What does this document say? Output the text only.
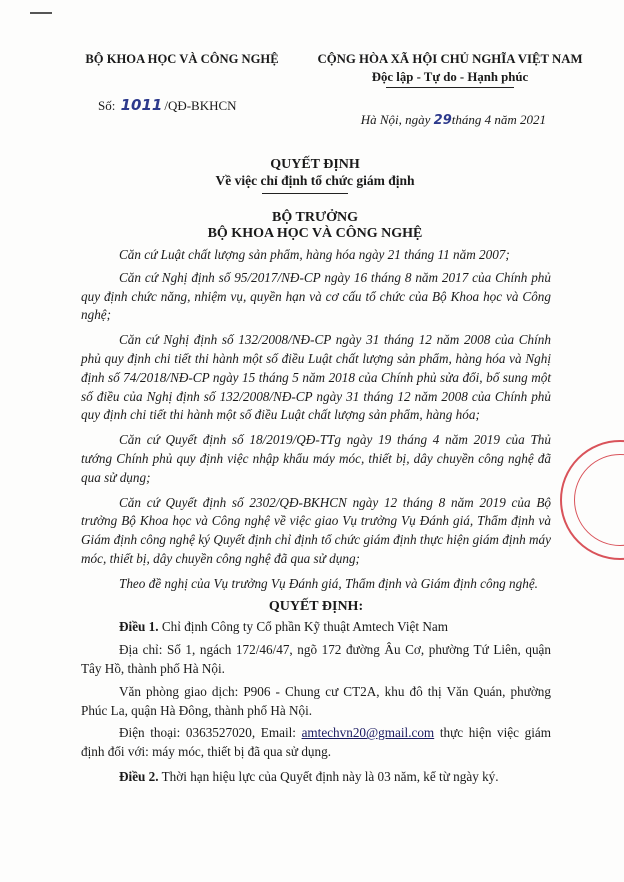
BỘ KHOA HỌC VÀ CÔNG NGHỆ	CỘNG HÒA XÃ HỘI CHỦ NGHĨA VIỆT NAM
Độc lập - Tự do - Hạnh phúc
Số: 1011 /QĐ-BKHCN
Hà Nội, ngày 29tháng 4 năm 2021
QUYẾT ĐỊNH
Về việc chỉ định tổ chức giám định
BỘ TRƯỞNG
BỘ KHOA HỌC VÀ CÔNG NGHỆ

Căn cứ Luật chất lượng sản phẩm, hàng hóa ngày 21 tháng 11 năm 2007;

Căn cứ Nghị định số 95/2017/NĐ-CP ngày 16 tháng 8 năm 2017 của Chính phủ quy định chức năng, nhiệm vụ, quyền hạn và cơ cấu tổ chức của Bộ Khoa học và Công nghệ;

Căn cứ Nghị định số 132/2008/NĐ-CP ngày 31 tháng 12 năm 2008 của Chính phủ quy định chi tiết thi hành một số điều Luật chất lượng sản phẩm, hàng hóa và Nghị định số 74/2018/NĐ-CP ngày 15 tháng 5 năm 2018 của Chính phủ sửa đổi, bổ sung một số điều của Nghị định số 132/2008/NĐ-CP ngày 31 tháng 12 năm 2008 của Chính phủ quy định chi tiết thi hành một số điều Luật chất lượng sản phẩm, hàng hóa;

Căn cứ Quyết định số 18/2019/QĐ-TTg ngày 19 tháng 4 năm 2019 của Thủ tướng Chính phủ quy định việc nhập khẩu máy móc, thiết bị, dây chuyền công nghệ đã qua sử dụng;

Căn cứ Quyết định số 2302/QĐ-BKHCN ngày 12 tháng 8 năm 2019 của Bộ trưởng Bộ Khoa học và Công nghệ về việc giao Vụ trưởng Vụ Đánh giá, Thẩm định và Giám định công nghệ ký Quyết định chỉ định tổ chức giám định thực hiện giám định máy móc, thiết bị, dây chuyền công nghệ đã qua sử dụng;

Theo đề nghị của Vụ trưởng Vụ Đánh giá, Thẩm định và Giám định công nghệ.

QUYẾT ĐỊNH:

Điều 1. Chỉ định Công ty Cổ phần Kỹ thuật Amtech Việt Nam

Địa chỉ: Số 1, ngách 172/46/47, ngõ 172 đường Âu Cơ, phường Tứ Liên, quận Tây Hồ, thành phố Hà Nội.

Văn phòng giao dịch: P906 - Chung cư CT2A, khu đô thị Văn Quán, phường Phúc La, quận Hà Đông, thành phố Hà Nội.

Điện thoại: 0363527020, Email: amtechvn20@gmail.com thực hiện việc giám định đối với: máy móc, thiết bị đã qua sử dụng.

Điều 2. Thời hạn hiệu lực của Quyết định này là 03 năm, kể từ ngày ký.
